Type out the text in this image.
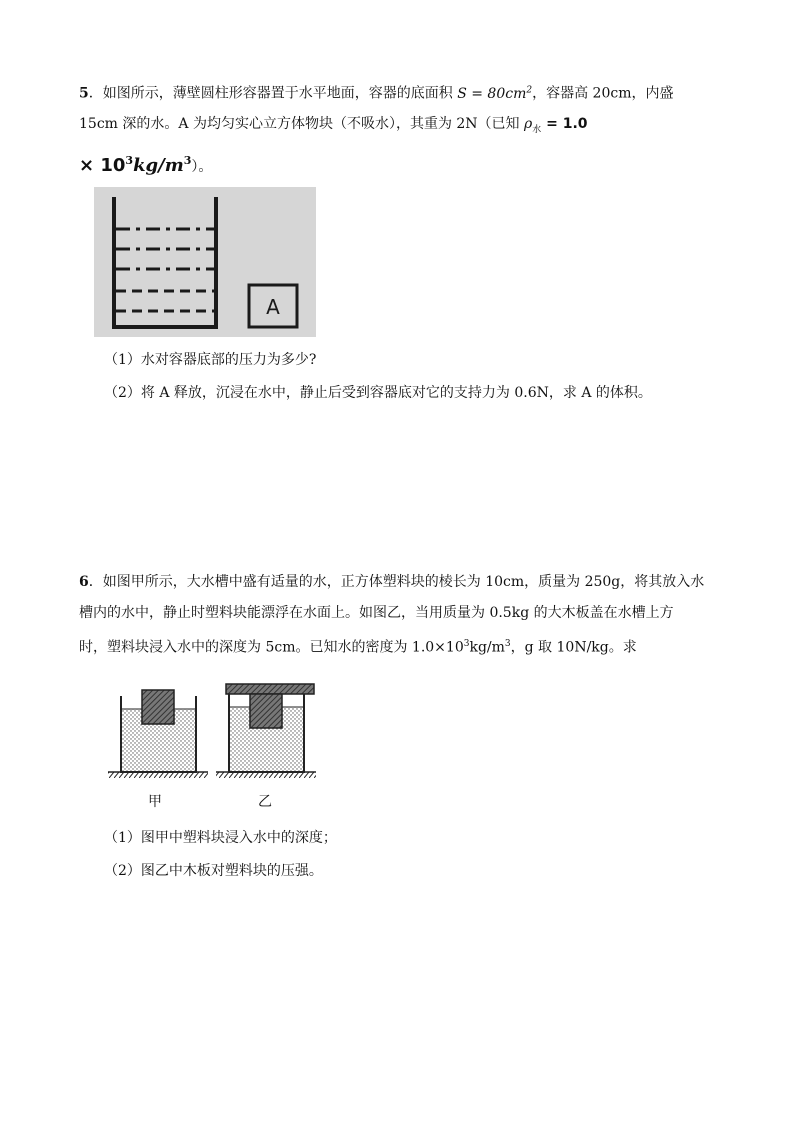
5．如图所示，薄壁圆柱形容器置于水平地面，容器的底面积 $S = 80cm^2$，容器高 20cm，内盛
15cm 深的水。A 为均匀实心立方体物块（不吸水），其重为 2N（已知 $\rho_水 = 1.0$
× $10^3kg/m^3$）。
A
（1）水对容器底部的压力为多少?
（2）将 A 释放，沉浸在水中，静止后受到容器底对它的支持力为 0.6N，求 A 的体积。
6．如图甲所示，大水槽中盛有适量的水，正方体塑料块的棱长为 10cm，质量为 250g，将其放入水
槽内的水中，静止时塑料块能漂浮在水面上。如图乙，当用质量为 0.5kg 的大木板盖在水槽上方
时，塑料块浸入水中的深度为 5cm。已知水的密度为 $1.0\times 10^3kg/m^3$，g 取 10N/kg。求
甲	乙
（1）图甲中塑料块浸入水中的深度；
（2）图乙中木板对塑料块的压强。
